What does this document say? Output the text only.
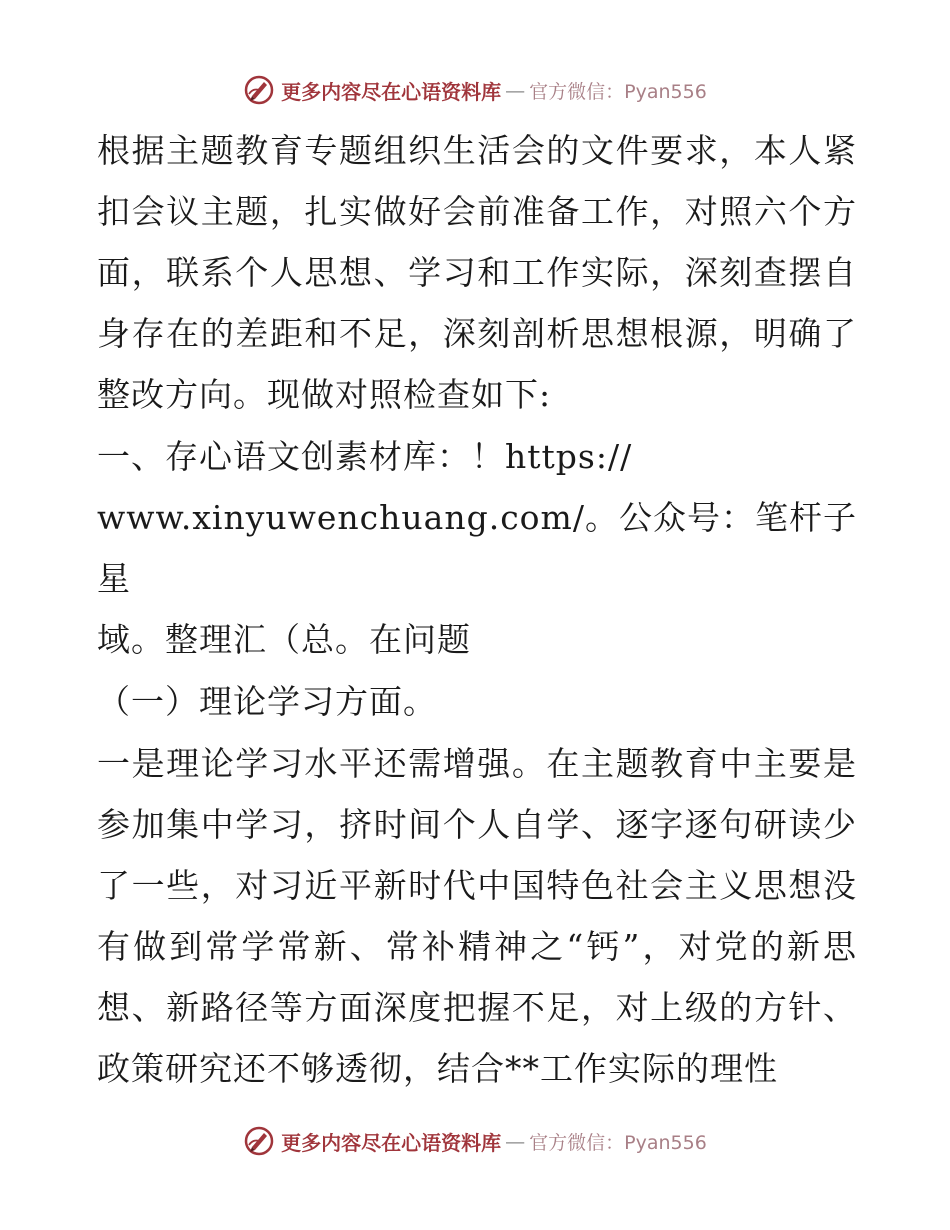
更多内容尽在心语资料库 — 官方微信：Pyan556

根据主题教育专题组织生活会的文件要求，本人紧扣会议主题，扎实做好会前准备工作，对照六个方面，联系个人思想、学习和工作实际，深刻查摆自身存在的差距和不足，深刻剖析思想根源，明确了整改方向。现做对照检查如下:

一、存心语文创素材库：！https://
www.xinyuwenchuang.com/。公众号：笔杆子星
域。整理汇（总。在问题

（一）理论学习方面。

一是理论学习水平还需增强。在主题教育中主要是参加集中学习，挤时间个人自学、逐字逐句研读少了一些，对习近平新时代中国特色社会主义思想没有做到常学常新、常补精神之“钙”，对党的新思想、新路径等方面深度把握不足，对上级的方针、政策研究还不够透彻，结合**工作实际的理性

更多内容尽在心语资料库 — 官方微信：Pyan556
